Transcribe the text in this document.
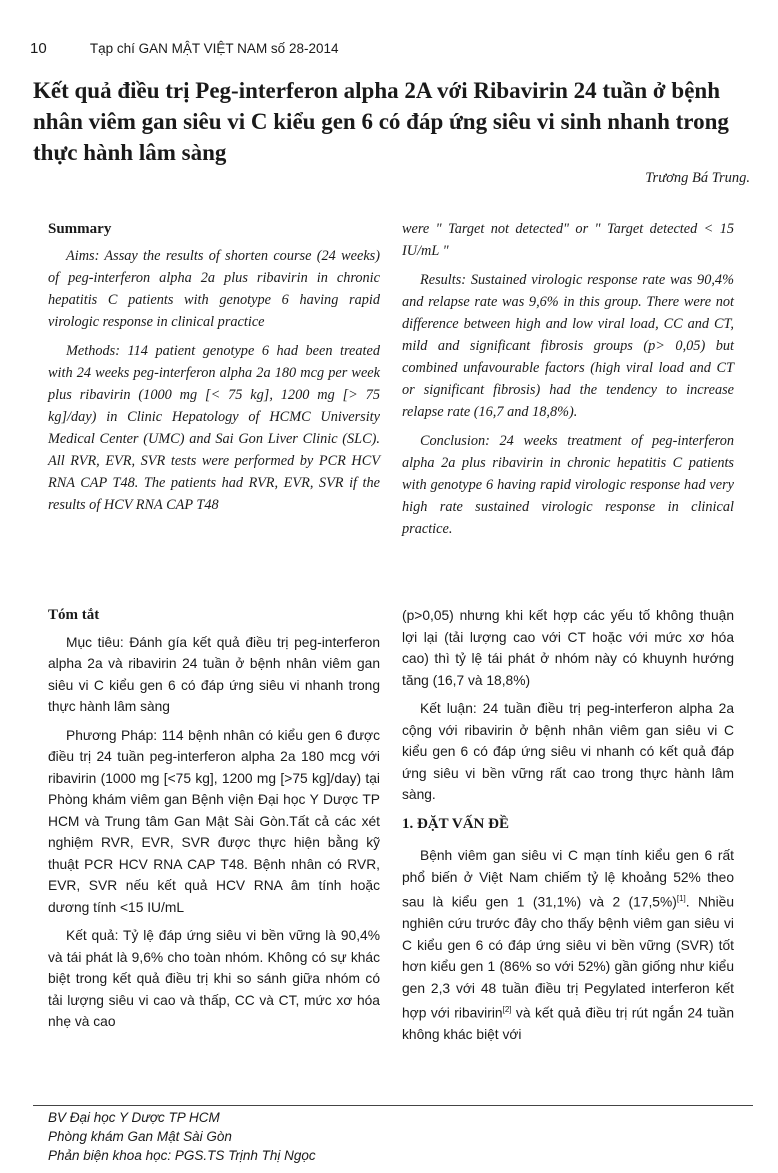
10	Tạp chí GAN MẬT VIỆT NAM số 28-2014
Kết quả điều trị Peg-interferon alpha 2A với Ribavirin 24 tuần ở bệnh nhân viêm gan siêu vi C kiểu gen 6 có đáp ứng siêu vi sinh nhanh trong thực hành lâm sàng
Trương Bá Trung.
Summary

Aims: Assay the results of shorten course (24 weeks) of peg-interferon alpha 2a plus ribavirin in chronic hepatitis C patients with genotype 6 having rapid virologic response in clinical practice

Methods: 114 patient genotype 6 had been treated with 24 weeks peg-interferon alpha 2a 180 mcg per week plus ribavirin (1000 mg [< 75 kg], 1200 mg [> 75 kg]/day) in Clinic Hepatology of HCMC University Medical Center (UMC) and Sai Gon Liver Clinic (SLC). All RVR, EVR, SVR tests were performed by PCR HCV RNA CAP T48. The patients had RVR, EVR, SVR if the results of HCV RNA CAP T48

were " Target not detected" or " Target detected < 15 IU/mL "

Results: Sustained virologic response rate was 90,4% and relapse rate was 9,6% in this group. There were not difference between high and low viral load, CC and CT, mild and significant fibrosis groups (p> 0,05) but combined unfavourable factors (high viral load and CT or significant fibrosis) had the tendency to increase relapse rate (16,7 and 18,8%).

Conclusion: 24 weeks treatment of peg-interferon alpha 2a plus ribavirin in chronic hepatitis C patients with genotype 6 having rapid virologic response had very high rate sustained virologic response in clinical practice.

Tóm tắt

Mục tiêu: Đánh gía kết quả điều trị peg-interferon alpha 2a và ribavirin 24 tuần ở bệnh nhân viêm gan siêu vi C kiểu gen 6 có đáp ứng siêu vi nhanh trong thực hành lâm sàng

Phương Pháp: 114 bệnh nhân có kiểu gen 6 được điều trị 24 tuần peg-interferon alpha 2a 180 mcg với ribavirin (1000 mg [<75 kg], 1200 mg [>75 kg]/day) tại Phòng khám viêm gan Bệnh viện Đại học Y Dược TP HCM và Trung tâm Gan Mật Sài Gòn.Tất cả các xét nghiệm RVR, EVR, SVR được thực hiện bằng kỹ thuật PCR HCV RNA CAP T48. Bệnh nhân có RVR, EVR, SVR nếu kết quả HCV RNA âm tính hoặc dương tính <15 IU/mL

Kết quả: Tỷ lệ đáp ứng siêu vi bền vững là 90,4% và tái phát là 9,6% cho toàn nhóm. Không có sự khác biệt trong kết quả điều trị khi so sánh giữa nhóm có tải lượng siêu vi cao và thấp, CC và CT, mức xơ hóa nhẹ và cao

(p>0,05) nhưng khi kết hợp các yếu tố không thuận lợi lại (tải lượng cao với CT hoặc với mức xơ hóa cao) thì tỷ lệ tái phát ở nhóm này có khuynh hướng tăng (16,7 và 18,8%)

Kết luận: 24 tuần điều trị peg-interferon alpha 2a cộng với ribavirin ở bệnh nhân viêm gan siêu vi C kiểu gen 6 có đáp ứng siêu vi nhanh có kết quả đáp ứng siêu vi bền vững rất cao trong thực hành lâm sàng.

1. ĐẶT VẤN ĐỀ

Bệnh viêm gan siêu vi C mạn tính kiểu gen 6 rất phổ biến ở Việt Nam chiếm tỷ lệ khoảng 52% theo sau là kiểu gen 1 (31,1%) và 2 (17,5%)[1]. Nhiều nghiên cứu trước đây cho thấy bệnh viêm gan siêu vi C kiểu gen 6 có đáp ứng siêu vi bền vững (SVR) tốt hơn kiểu gen 1 (86% so với 52%) gần giống như kiểu gen 2,3 với 48 tuần điều trị Pegylated interferon kết hợp với ribavirin[2] và kết quả điều trị rút ngắn 24 tuần không khác biệt với

BV Đại học Y Dược TP HCM
Phòng khám Gan Mật Sài Gòn
Phản biện khoa học: PGS.TS Trịnh Thị Ngọc
